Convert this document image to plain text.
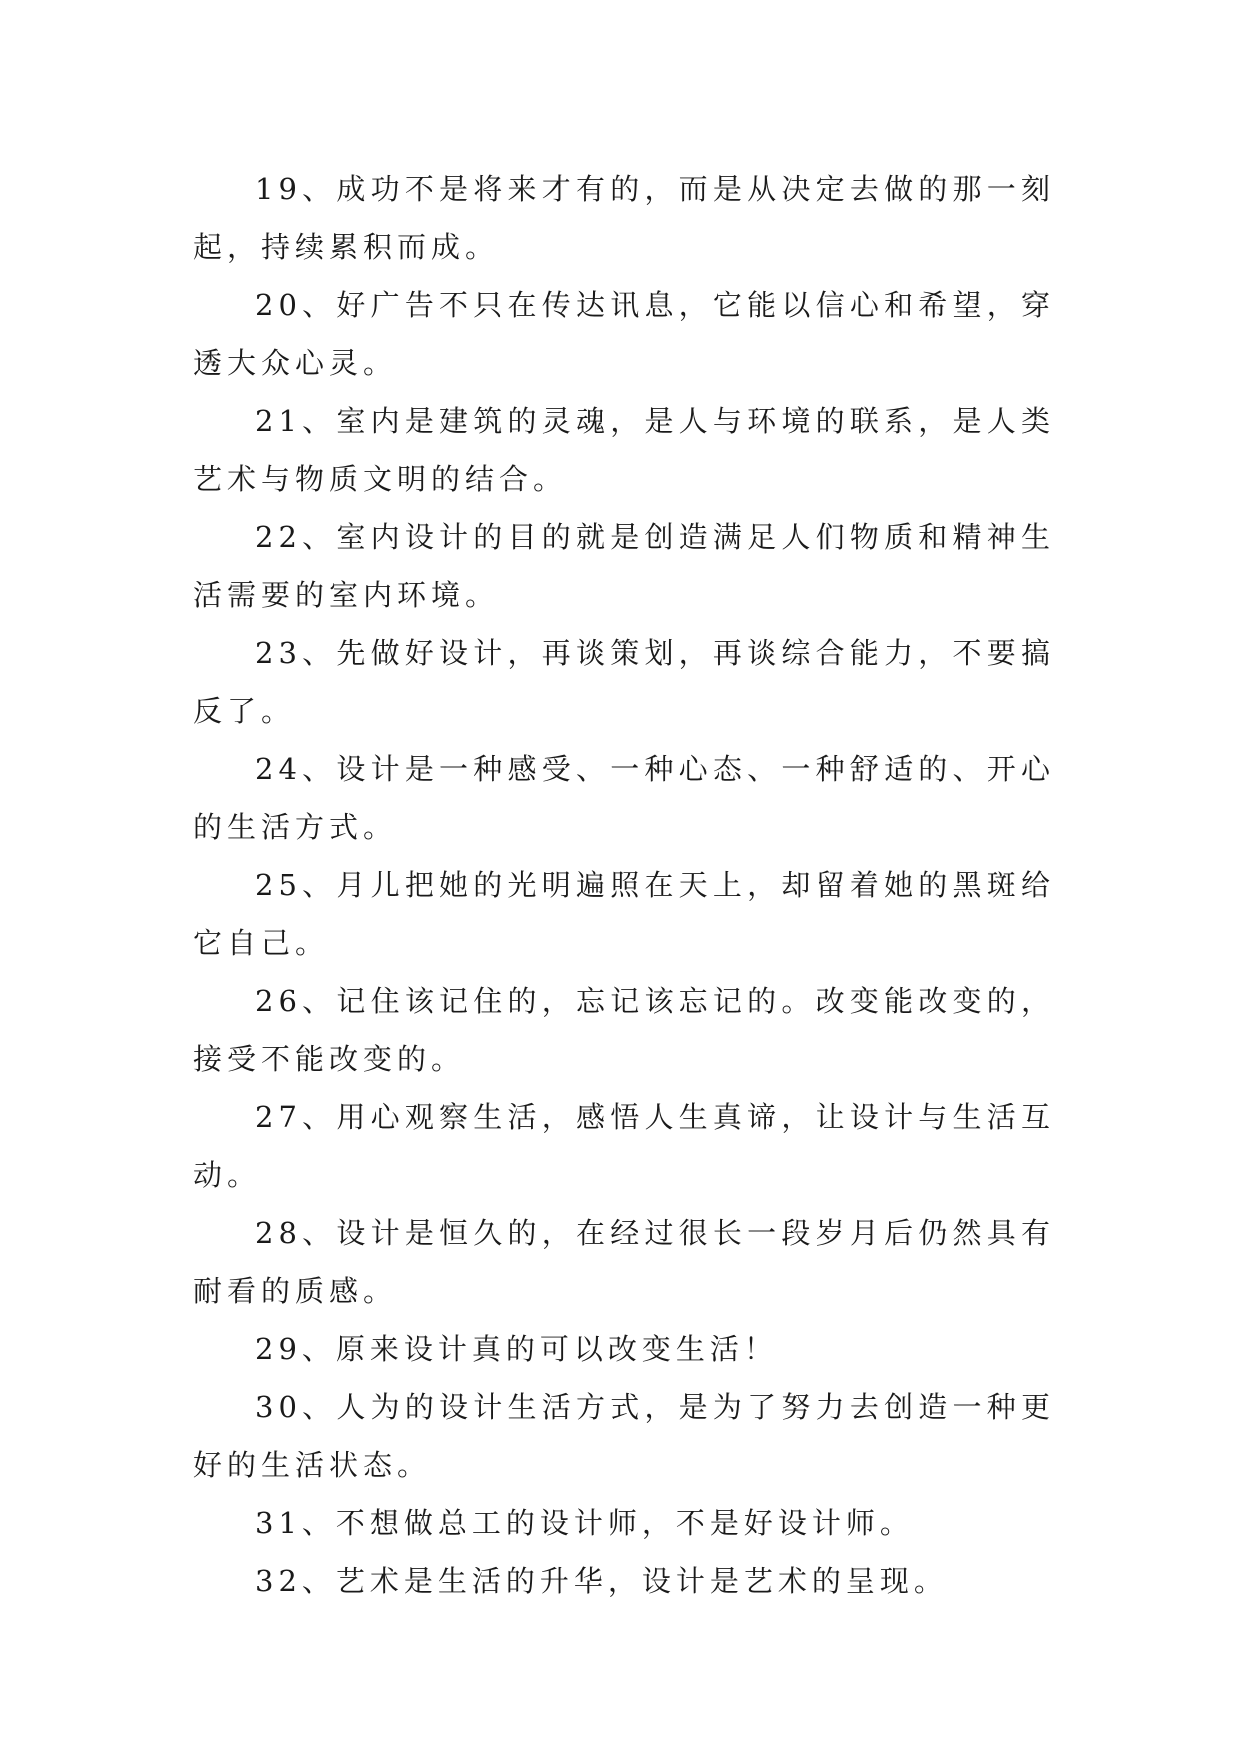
19、成功不是将来才有的，而是从决定去做的那一刻起，持续累积而成。

20、好广告不只在传达讯息，它能以信心和希望，穿透大众心灵。

21、室内是建筑的灵魂，是人与环境的联系，是人类艺术与物质文明的结合。

22、室内设计的目的就是创造满足人们物质和精神生活需要的室内环境。

23、先做好设计，再谈策划，再谈综合能力，不要搞反了。

24、设计是一种感受、一种心态、一种舒适的、开心的生活方式。

25、月儿把她的光明遍照在天上，却留着她的黑斑给它自己。

26、记住该记住的，忘记该忘记的。改变能改变的，接受不能改变的。

27、用心观察生活，感悟人生真谛，让设计与生活互动。

28、设计是恒久的，在经过很长一段岁月后仍然具有耐看的质感。

29、原来设计真的可以改变生活！

30、人为的设计生活方式，是为了努力去创造一种更好的生活状态。

31、不想做总工的设计师，不是好设计师。

32、艺术是生活的升华，设计是艺术的呈现。
